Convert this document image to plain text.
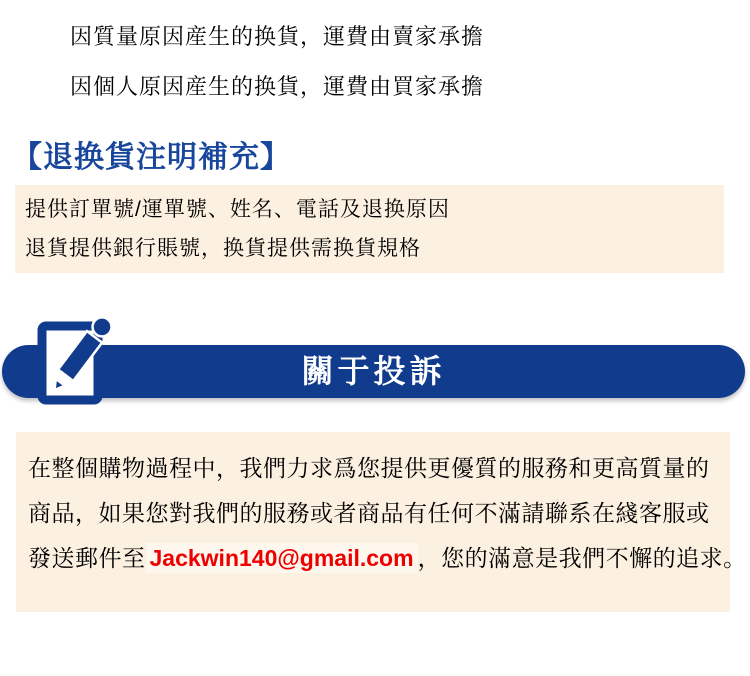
因質量原因産生的换貨，運費由賣家承擔
因個人原因産生的换貨，運費由買家承擔
【退换貨注明補充】
提供訂單號/運單號、姓名、電話及退换原因
退貨提供銀行賬號，换貨提供需换貨規格
關于投訴
在整個購物過程中，我們力求爲您提供更優質的服務和更高質量的
商品，如果您對我們的服務或者商品有任何不滿請聯系在綫客服或
發送郵件至 Jackwin140@gmail.com ，您的滿意是我們不懈的追求。
